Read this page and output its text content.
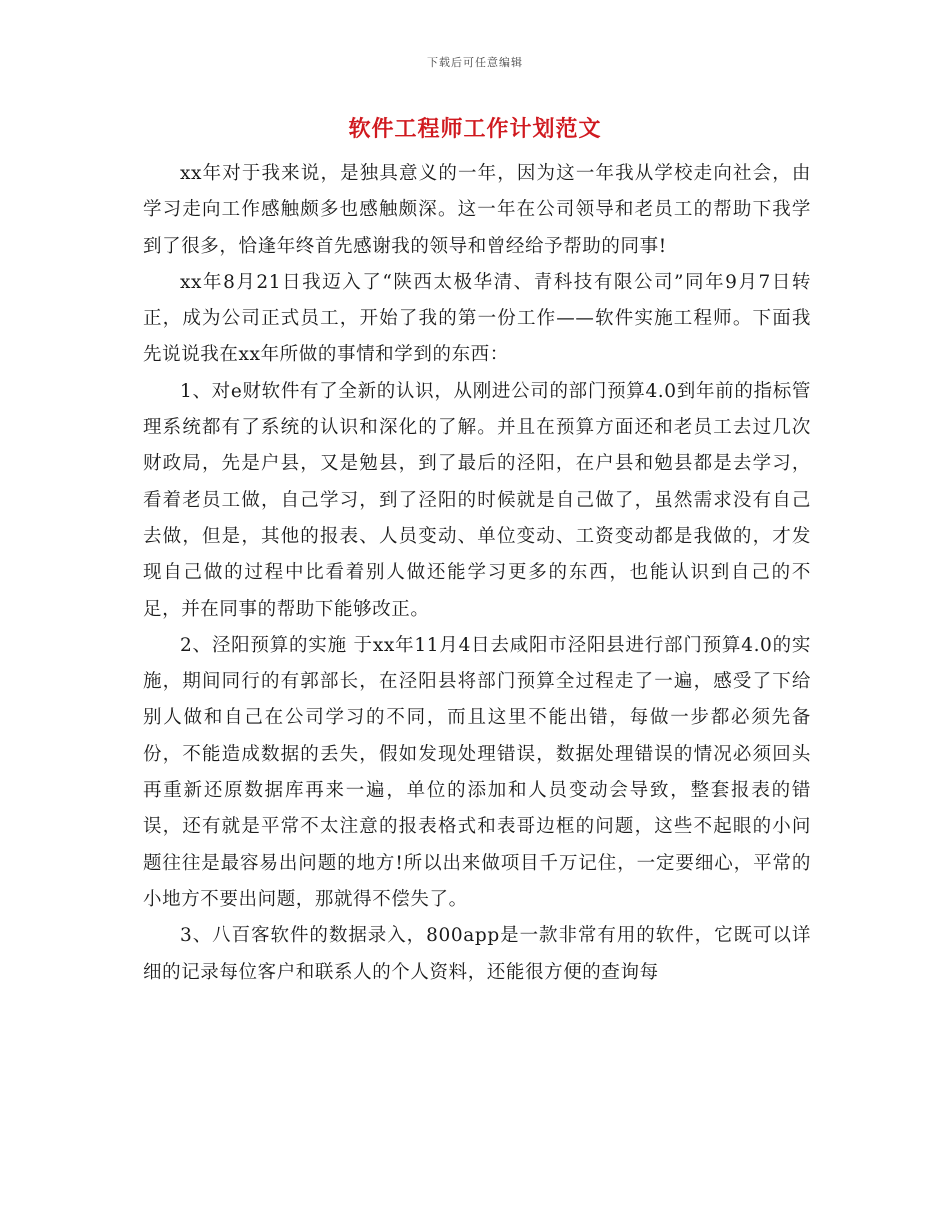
下载后可任意编辑
软件工程师工作计划范文

xx年对于我来说，是独具意义的一年，因为这一年我从学校走向社会，由学习走向工作感触颇多也感触颇深。这一年在公司领导和老员工的帮助下我学到了很多，恰逢年终首先感谢我的领导和曾经给予帮助的同事!

xx年8月21日我迈入了“陕西太极华清、青科技有限公司”同年9月7日转正，成为公司正式员工，开始了我的第一份工作——软件实施工程师。下面我先说说我在xx年所做的事情和学到的东西：

1、对e财软件有了全新的认识，从刚进公司的部门预算4.0到年前的指标管理系统都有了系统的认识和深化的了解。并且在预算方面还和老员工去过几次财政局，先是户县，又是勉县，到了最后的泾阳，在户县和勉县都是去学习，看着老员工做，自己学习，到了泾阳的时候就是自己做了，虽然需求没有自己去做，但是，其他的报表、人员变动、单位变动、工资变动都是我做的，才发现自己做的过程中比看着别人做还能学习更多的东西，也能认识到自己的不足，并在同事的帮助下能够改正。

2、泾阳预算的实施 于xx年11月4日去咸阳市泾阳县进行部门预算4.0的实施，期间同行的有郭部长，在泾阳县将部门预算全过程走了一遍，感受了下给别人做和自己在公司学习的不同，而且这里不能出错，每做一步都必须先备份，不能造成数据的丢失，假如发现处理错误，数据处理错误的情况必须回头再重新还原数据库再来一遍，单位的添加和人员变动会导致，整套报表的错误，还有就是平常不太注意的报表格式和表哥边框的问题，这些不起眼的小问题往往是最容易出问题的地方!所以出来做项目千万记住，一定要细心，平常的小地方不要出问题，那就得不偿失了。

3、八百客软件的数据录入，800app是一款非常有用的软件，它既可以详细的记录每位客户和联系人的个人资料，还能很方便的查询每
